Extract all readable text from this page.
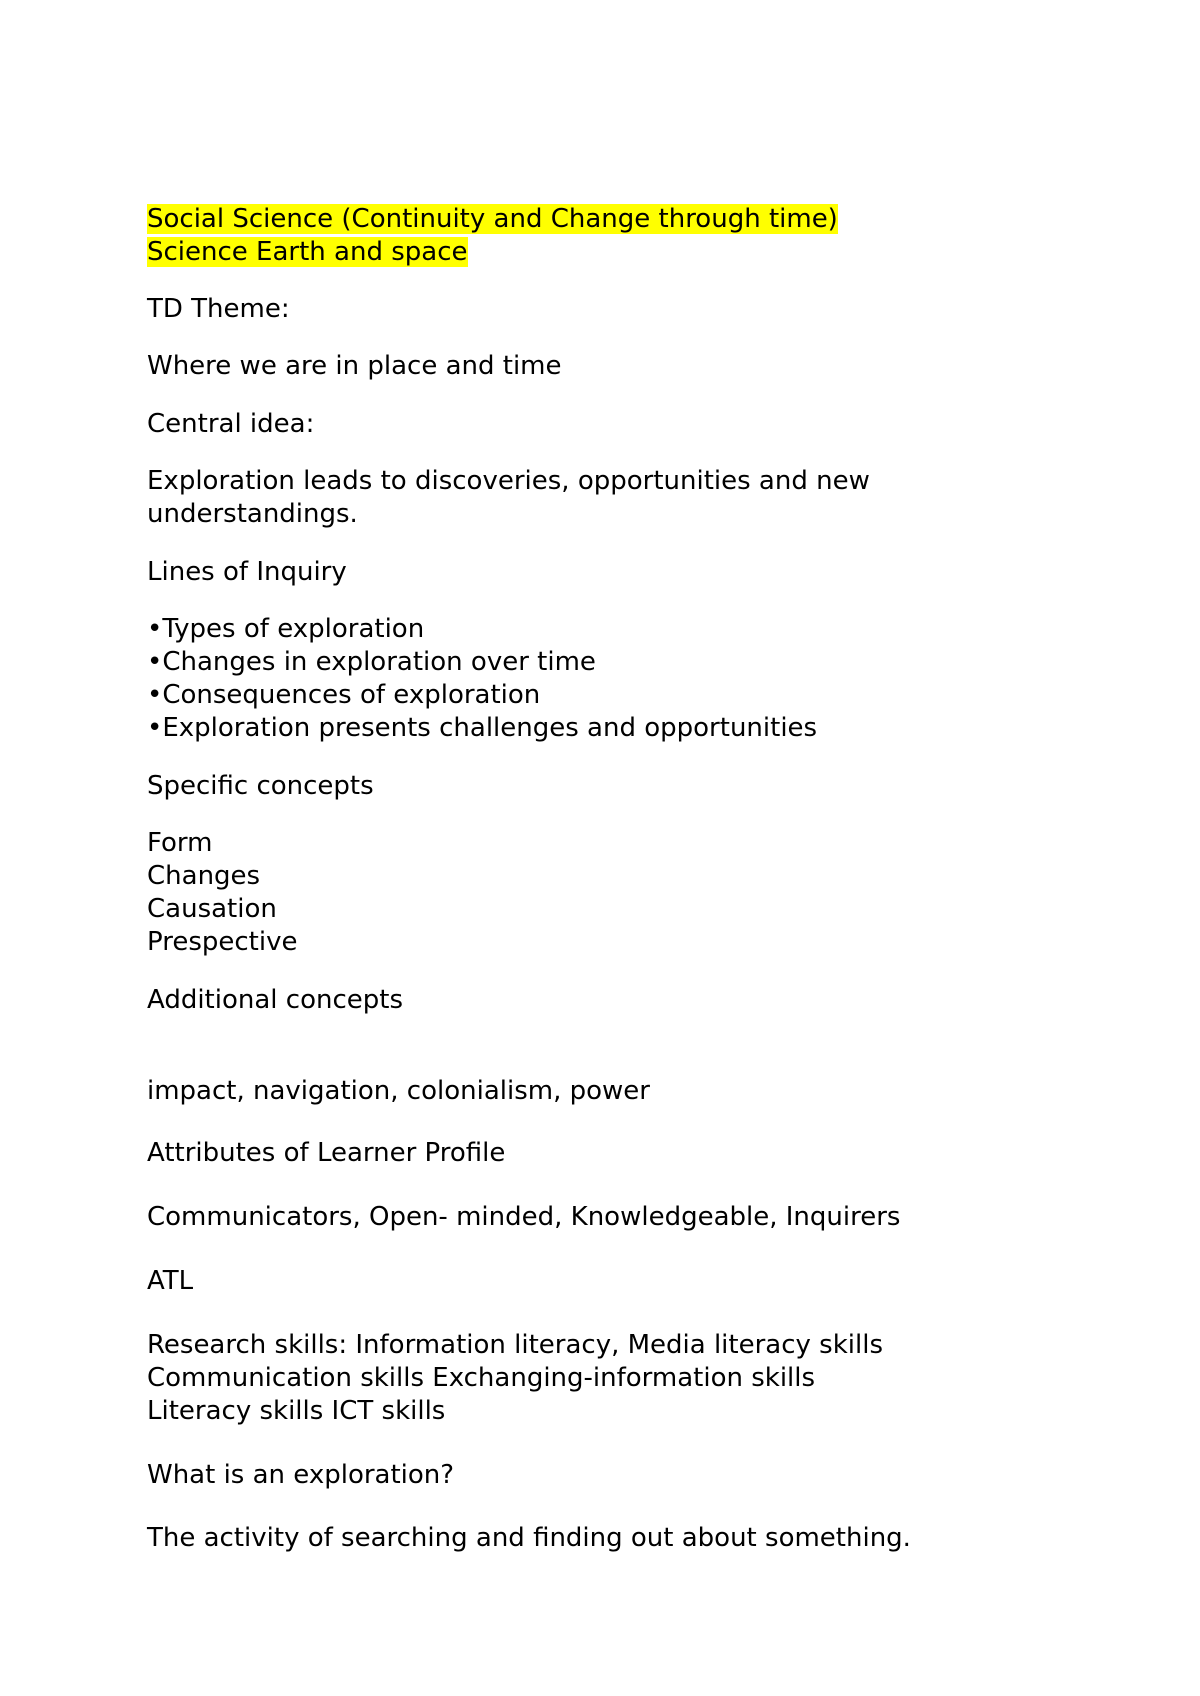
Social Science (Continuity and Change through time)
Science Earth and space
TD Theme:
Where we are in place and time
Central idea:
Exploration leads to discoveries, opportunities and new
understandings.
Lines of Inquiry
•Types of exploration
•Changes in exploration over time
•Consequences of exploration
•Exploration presents challenges and opportunities
Specific concepts
Form
Changes
Causation
Prespective
Additional concepts
impact, navigation, colonialism, power
Attributes of Learner Profile
Communicators, Open- minded, Knowledgeable, Inquirers
ATL
Research skills: Information literacy, Media literacy skills
Communication skills Exchanging-information skills
Literacy skills ICT skills
What is an exploration?
The activity of searching and finding out about something.
